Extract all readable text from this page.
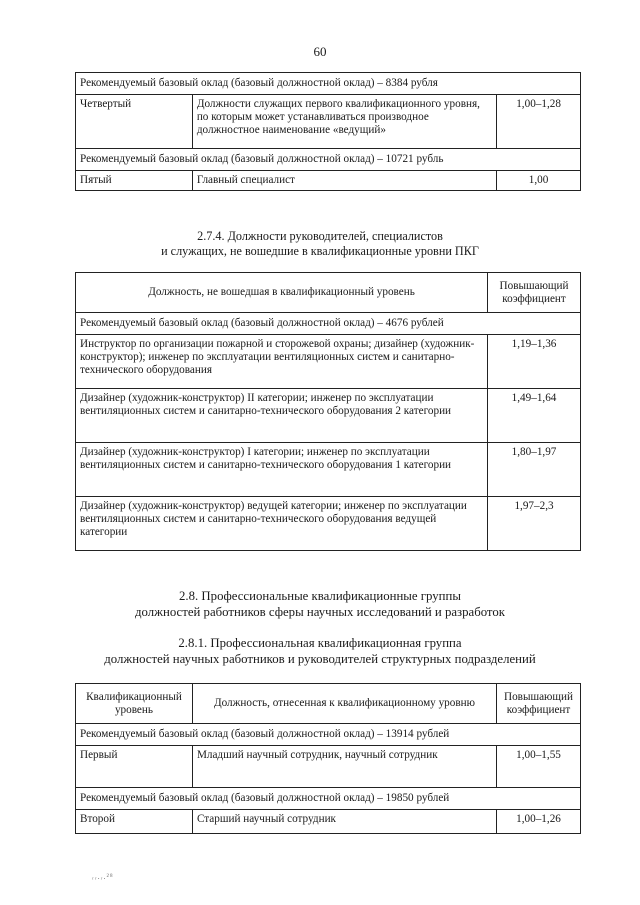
60
Рекомендуемый базовый оклад (базовый должностной оклад) – 8384 рубля		
Четвертый	Должности служащих первого квалификационного уровня, по которым может устанавливаться производное должностное наименование «ведущий»	1,00–1,28
Рекомендуемый базовый оклад (базовый должностной оклад) – 10721 рубль		
Пятый	Главный специалист	1,00
2.7.4. Должности руководителей, специалистов
и служащих, не вошедшие в квалификационные уровни ПКГ
Должность, не вошедшая в квалификационный уровень	Повышающий коэффициент
Рекомендуемый базовый оклад (базовый должностной оклад) – 4676 рублей	
Инструктор по организации пожарной и сторожевой охраны; дизайнер (художник-конструктор); инженер по эксплуатации вентиляционных систем и санитарно-технического оборудования	1,19–1,36
Дизайнер (художник-конструктор) II категории; инженер по эксплуатации вентиляционных систем и санитарно-технического оборудования 2 категории	1,49–1,64
Дизайнер (художник-конструктор) I категории; инженер по эксплуатации вентиляционных систем и санитарно-технического оборудования 1 категории	1,80–1,97
Дизайнер (художник-конструктор) ведущей категории; инженер по эксплуатации вентиляционных систем и санитарно-технического оборудования ведущей категории	1,97–2,3
2.8. Профессиональные квалификационные группы
должностей работников сферы научных исследований и разработок
2.8.1. Профессиональная квалификационная группа
должностей научных работников и руководителей структурных подразделений
Квалификационный уровень	Должность, отнесенная к квалификационному уровню	Повышающий коэффициент
Рекомендуемый базовый оклад (базовый должностной оклад) – 13914 рублей		
Первый	Младший научный сотрудник, научный сотрудник	1,00–1,55
Рекомендуемый базовый оклад (базовый должностной оклад) – 19850 рублей		
Второй	Старший научный сотрудник	1,00–1,26
ᵣᵣ.ᵣ.²⁸
